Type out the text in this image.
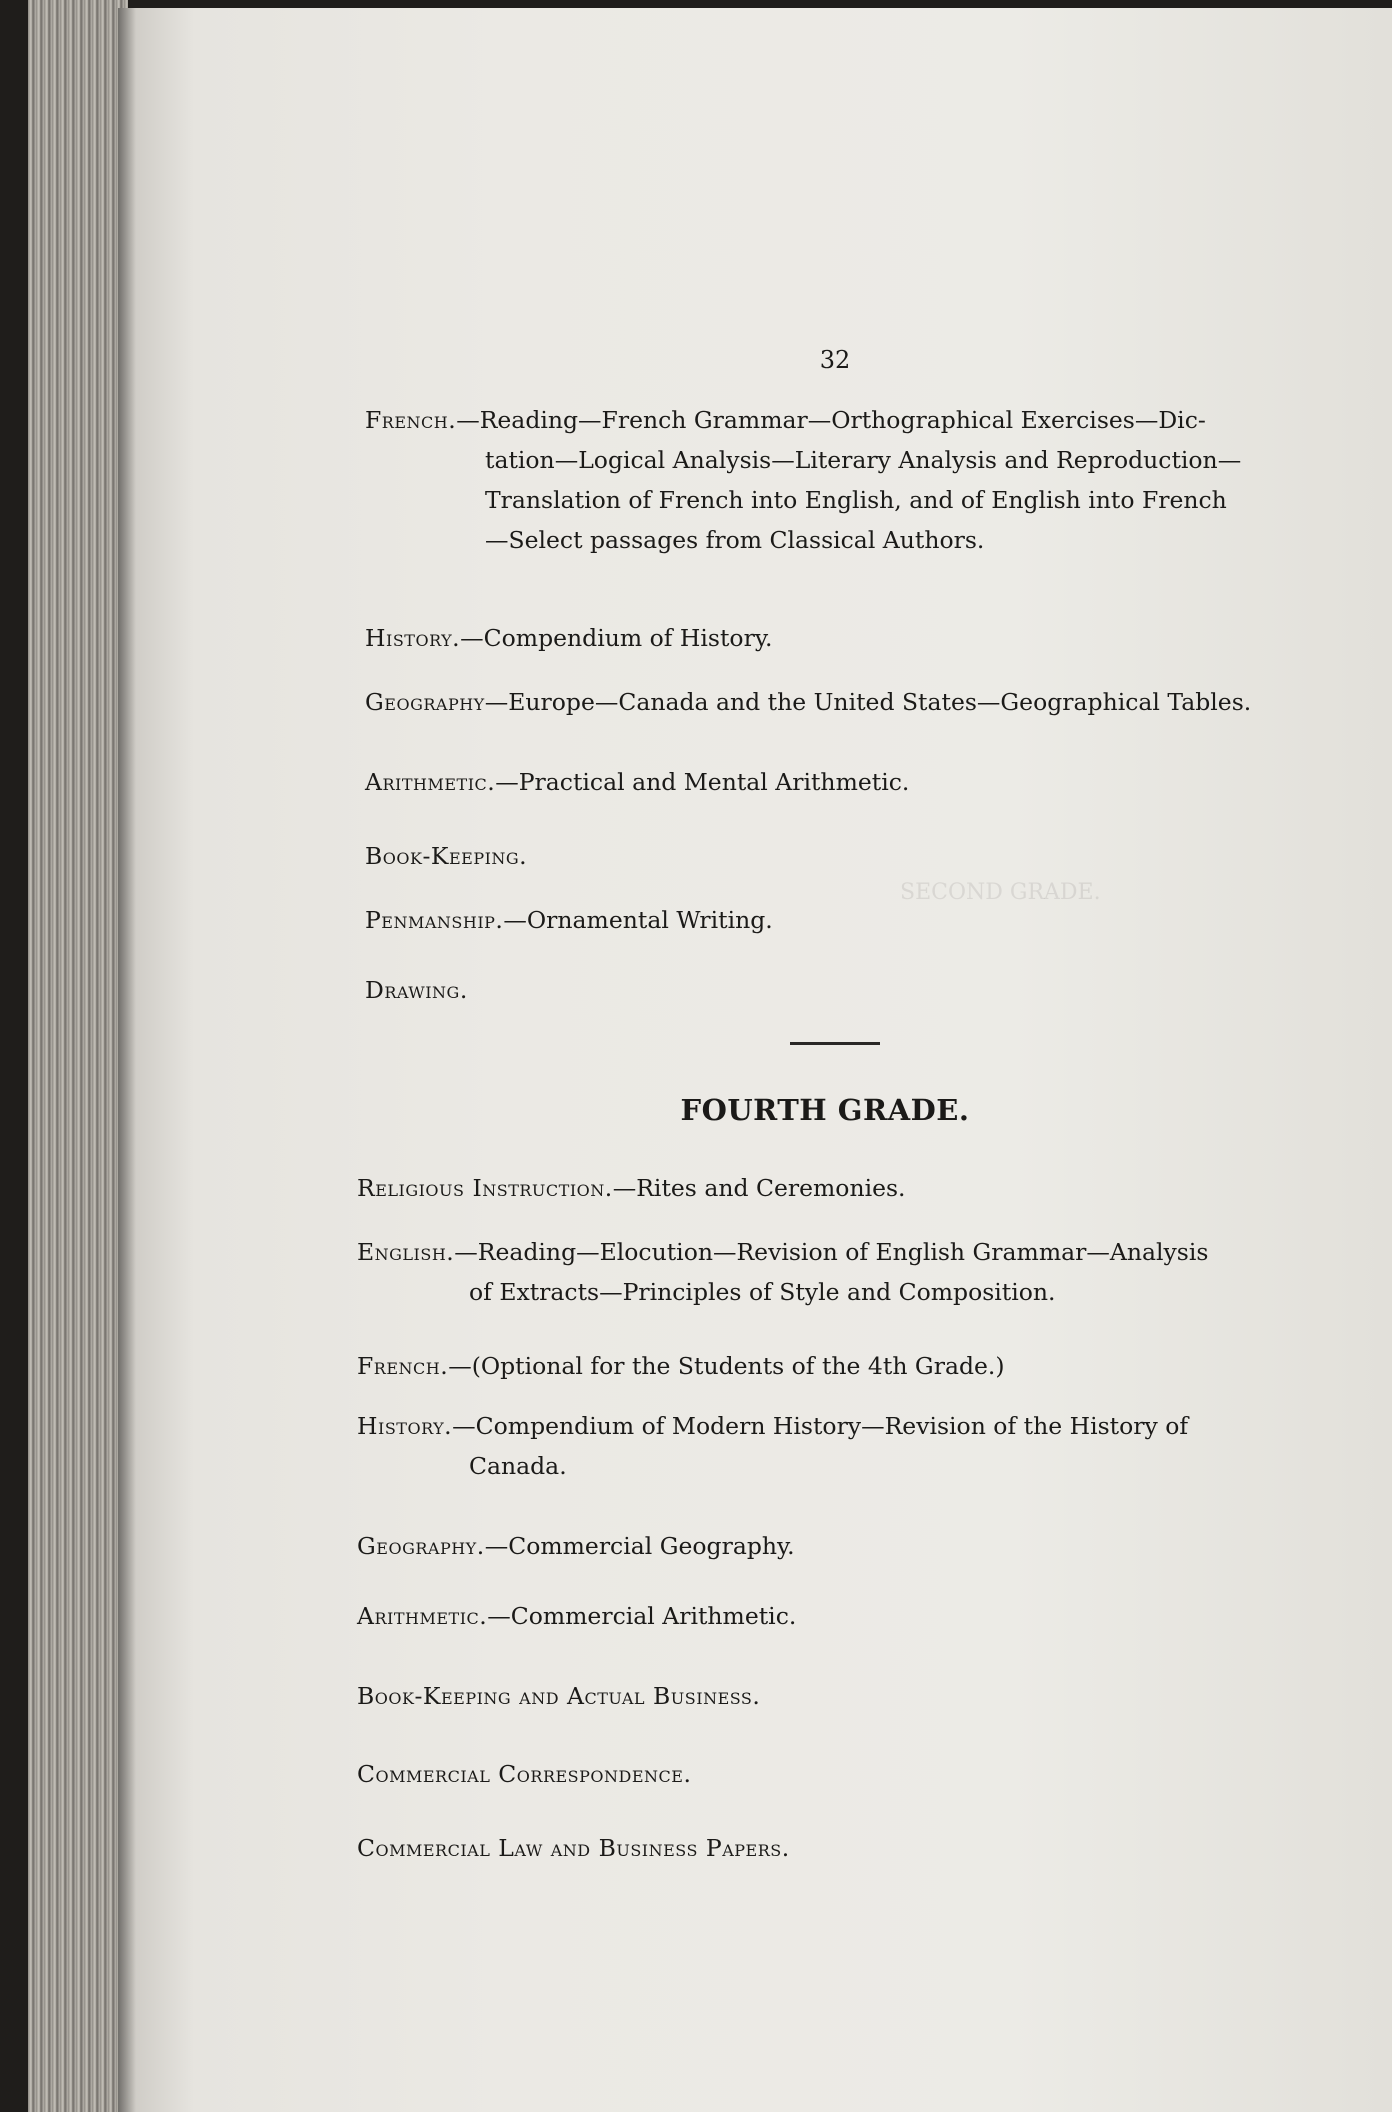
SECOND GRADE.
32
French.—Reading—French Grammar—Orthographical Exercises—Dic-
tation—Logical Analysis—Literary Analysis and Reproduction—
Translation of French into English, and of English into French
—Select passages from Classical Authors.
History.—Compendium of History.
Geography—Europe—Canada and the United States—Geographical Tables.
Arithmetic.—Practical and Mental Arithmetic.
Book-Keeping.
Penmanship.—Ornamental Writing.
Drawing.
FOURTH GRADE.
Religious Instruction.—Rites and Ceremonies.
English.—Reading—Elocution—Revision of English Grammar—Analysis
of Extracts—Principles of Style and Composition.
French.—(Optional for the Students of the 4th Grade.)
History.—Compendium of Modern History—Revision of the History of
Canada.
Geography.—Commercial Geography.
Arithmetic.—Commercial Arithmetic.
Book-Keeping and Actual Business.
Commercial Correspondence.
Commercial Law and Business Papers.
